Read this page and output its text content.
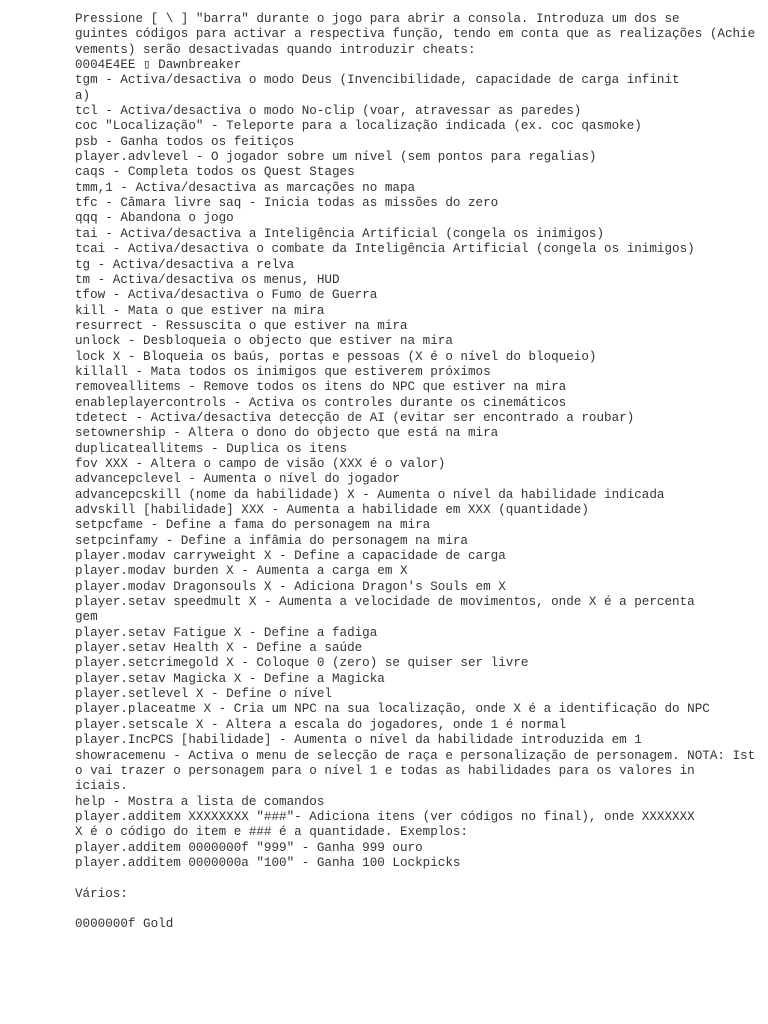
Pressione [ \ ] "barra" durante o jogo para abrir a consola. Introduza um dos se
guintes códigos para activar a respectiva função, tendo em conta que as realizações (Achie
vements) serão desactivadas quando introduzir cheats:
0004E4EE ▯ Dawnbreaker
tgm - Activa/desactiva o modo Deus (Invencibilidade, capacidade de carga infinit
a)
tcl - Activa/desactiva o modo No-clip (voar, atravessar as paredes)
coc "Localização" - Teleporte para a localização indicada (ex. coc qasmoke)
psb - Ganha todos os feitiços
player.advlevel - O jogador sobre um nível (sem pontos para regalias)
caqs - Completa todos os Quest Stages
tmm,1 - Activa/desactiva as marcações no mapa
tfc - Câmara livre saq - Inicia todas as missões do zero
qqq - Abandona o jogo
tai - Activa/desactiva a Inteligência Artificial (congela os inimigos)
tcai - Activa/desactiva o combate da Inteligência Artificial (congela os inimigos)
tg - Activa/desactiva a relva
tm - Activa/desactiva os menus, HUD
tfow - Activa/desactiva o Fumo de Guerra
kill - Mata o que estiver na mira
resurrect - Ressuscita o que estiver na mira
unlock - Desbloqueia o objecto que estiver na mira
lock X - Bloqueia os baús, portas e pessoas (X é o nível do bloqueio)
killall - Mata todos os inimigos que estiverem próximos
removeallitems - Remove todos os itens do NPC que estiver na mira
enableplayercontrols - Activa os controles durante os cinemáticos
tdetect - Activa/desactiva detecção de AI (evitar ser encontrado a roubar)
setownership - Altera o dono do objecto que está na mira
duplicateallitems - Duplica os itens
fov XXX - Altera o campo de visão (XXX é o valor)
advancepclevel - Aumenta o nível do jogador
advancepcskill (nome da habilidade) X - Aumenta o nível da habilidade indicada
advskill [habilidade] XXX - Aumenta a habilidade em XXX (quantidade)
setpcfame - Define a fama do personagem na mira
setpcinfamy - Define a infâmia do personagem na mira
player.modav carryweight X - Define a capacidade de carga
player.modav burden X - Aumenta a carga em X
player.modav Dragonsouls X - Adiciona Dragon's Souls em X
player.setav speedmult X - Aumenta a velocidade de movimentos, onde X é a percenta
gem
player.setav Fatigue X - Define a fadiga
player.setav Health X - Define a saúde
player.setcrimegold X - Coloque 0 (zero) se quiser ser livre
player.setav Magicka X - Define a Magicka
player.setlevel X - Define o nível
player.placeatme X - Cria um NPC na sua localização, onde X é a identificação do NPC
player.setscale X - Altera a escala do jogadores, onde 1 é normal
player.IncPCS [habilidade] - Aumenta o nível da habilidade introduzida em 1
showracemenu - Activa o menu de selecção de raça e personalização de personagem. NOTA: Ist
o vai trazer o personagem para o nível 1 e todas as habilidades para os valores in
iciais.
help - Mostra a lista de comandos
player.additem XXXXXXXX "###"- Adiciona itens (ver códigos no final), onde XXXXXXX
X é o código do item e ### é a quantidade. Exemplos:
player.additem 0000000f "999" - Ganha 999 ouro
player.additem 0000000a "100" - Ganha 100 Lockpicks
Vários:
0000000f Gold
